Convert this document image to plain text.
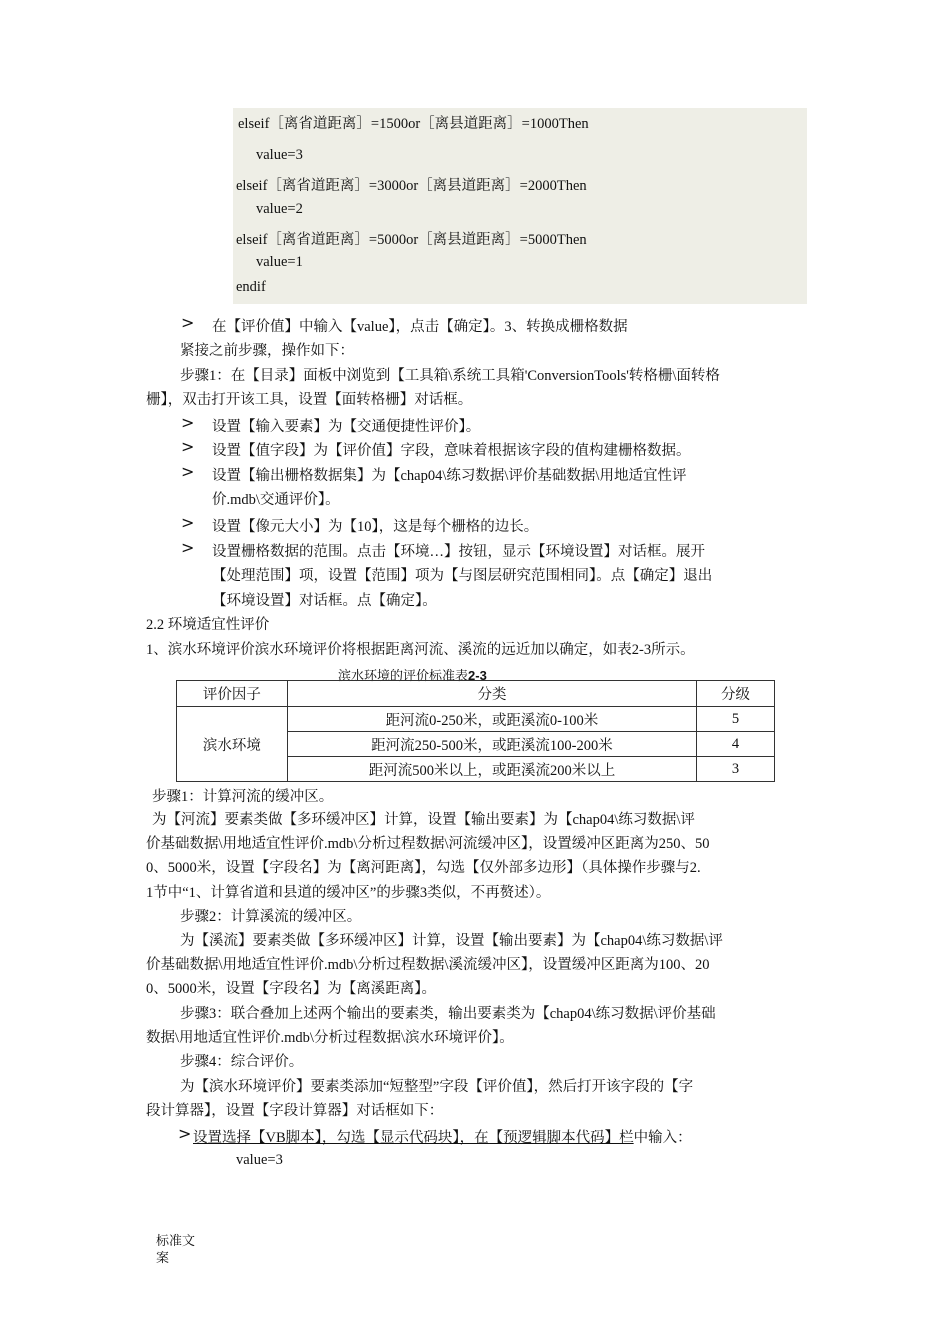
elseif［离省道距离］=1500or［离县道距离］=1000Then
value=3
elseif［离省道距离］=3000or［离县道距离］=2000Then
value=2
elseif［离省道距离］=5000or［离县道距离］=5000Then
value=1
endif
> 在【评价值】中输入【value】，点击【确定】。3、转换成栅格数据
紧接之前步骤，操作如下：
步骤1：在【目录】面板中浏览到【工具箱\系统工具箱'ConversionTools'转格栅\面转格
栅】，双击打开该工具，设置【面转格栅】对话框。
> 设置【输入要素】为【交通便捷性评价】。
> 设置【值字段】为【评价值】字段，意味着根据该字段的值构建栅格数据。
> 设置【输出栅格数据集】为【chap04\练习数据\评价基础数据\用地适宜性评
价.mdb\交通评价】。
> 设置【像元大小】为【10】，这是每个栅格的边长。
> 设置栅格数据的范围。点击【环境…】按钮，显示【环境设置】对话框。展开
【处理范围】项，设置【范围】项为【与图层研究范围相同】。点【确定】退出
【环境设置】对话框。点【确定】。
2.2 环境适宜性评价
1、滨水环境评价滨水环境评价将根据距离河流、溪流的远近加以确定，如表2-3所示。
滨水环境的评价标准表2-3
评价因子	分类	分级
滨水环境	距河流0-250米，或距溪流0-100米	5
	距河流250-500米，或距溪流100-200米	4
	距河流500米以上，或距溪流200米以上	3
步骤1：计算河流的缓冲区。
为【河流】要素类做【多环缓冲区】计算，设置【输出要素】为【chap04\练习数据\评
价基础数据\用地适宜性评价.mdb\分析过程数据\河流缓冲区】，设置缓冲区距离为250、50
0、5000米，设置【字段名】为【离河距离】，勾选【仅外部多边形】（具体操作步骤与2.
1节中“1、计算省道和县道的缓冲区”的步骤3类似，不再赘述）。
步骤2：计算溪流的缓冲区。
为【溪流】要素类做【多环缓冲区】计算，设置【输出要素】为【chap04\练习数据\评
价基础数据\用地适宜性评价.mdb\分析过程数据\溪流缓冲区】，设置缓冲区距离为100、20
0、5000米，设置【字段名】为【离溪距离】。
步骤3：联合叠加上述两个输出的要素类，输出要素类为【chap04\练习数据\评价基础
数据\用地适宜性评价.mdb\分析过程数据\滨水环境评价】。
步骤4：综合评价。
为【滨水环境评价】要素类添加“短整型”字段【评价值】，然后打开该字段的【字
段计算器】，设置【字段计算器】对话框如下：
> 设置选择【VB脚本】，勾选【显示代码块】，在【预逻辑脚本代码】栏中输入：
value=3
标准文案
